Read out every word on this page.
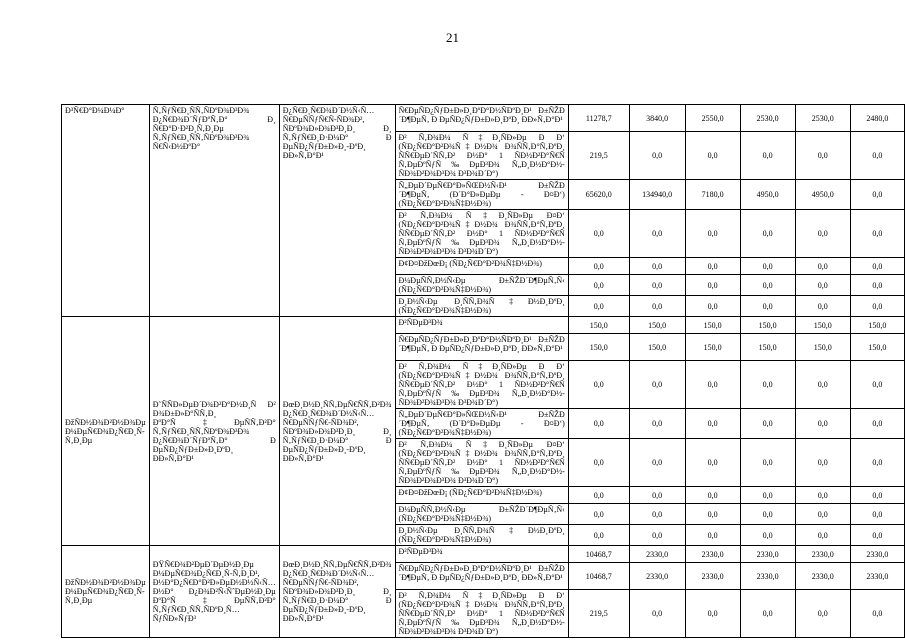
21
Ð³Ñ€Ð°Ð¼Ð¼Ð°	Ñ‚ÑƒÑ€Ð¸ÑÑ‚ÑÐºÐ¾Ð³Ð¾ Ð¿Ñ€Ð¾Ð´ÑƒÐºÑ‚Ð° Ð¸ Ñ€Ð°Ð·Ð²Ð¸Ñ‚Ð¸Ðµ Ñ‚ÑƒÑ€Ð¸ÑÑ‚ÑÐºÐ¾Ð³Ð¾ Ñ€Ñ‹Ð½ÐºÐ°	Ð¿Ñ€Ð¸Ñ€Ð¾Ð´Ð½Ñ‹Ñ… Ñ€ÐµÑÑƒÑ€Ñ-ÑÐ¾Ð², ÑÐºÐ¾Ð»Ð¾Ð³Ð¸Ð¸ Ð¸ Ñ‚ÑƒÑ€Ð¸Ð·Ð¼Ð° Ð ÐµÑÐ¿ÑƒÐ±Ð»Ð¸-ÐºÐ¸ ÐÐ»Ñ‚Ð°Ð¹	Ñ€ÐµÑÐ¿ÑƒÐ±Ð»Ð¸ÐºÐ°Ð½ÑÐºÐ¸Ð¹ Ð±ÑŽÐ´Ð¶ÐµÑ‚ Ð ÐµÑÐ¿ÑƒÐ±Ð»Ð¸ÐºÐ¸ ÐÐ»Ñ‚Ð°Ð¹	11278,7	3840,0	2550,0	2530,0	2530,0	2480,0
			Ð² Ñ‚Ð¾Ð¼ Ñ‡Ð¸ÑÐ»Ðµ Ð Ð‘ (ÑÐ¿Ñ€Ð°Ð²Ð¾Ñ‡Ð½Ð¾ Ð¾ÑÑ‚Ð°Ñ‚ÐºÐ¸ ÑÑ€ÐµÐ´ÑÑ‚Ð² Ð½Ð° 1 ÑÐ½Ð²Ð°Ñ€Ñ Ñ‚ÐµÐºÑƒÑ‰ÐµÐ³Ð¾ Ñ„Ð¸Ð½Ð°Ð½-ÑÐ¾Ð²Ð¾Ð³Ð¾ Ð³Ð¾Ð´Ð°)	219,5	0,0	0,0	0,0	0,0	0,0
			Ñ„ÐµÐ´ÐµÑ€Ð°Ð»ÑŒÐ½Ñ‹Ð¹ Ð±ÑŽÐ´Ð¶ÐµÑ‚ (Ð´Ð°Ð»ÐµÐµ - Ð¤Ð‘) (ÑÐ¿Ñ€Ð°Ð²Ð¾Ñ‡Ð½Ð¾)	65620,0	134940,0	7180,0	4950,0	4950,0	0,0
			Ð² Ñ‚Ð¾Ð¼ Ñ‡Ð¸ÑÐ»Ðµ Ð¤Ð‘ (ÑÐ¿Ñ€Ð°Ð²Ð¾Ñ‡Ð½Ð¾ Ð¾ÑÑ‚Ð°Ñ‚ÐºÐ¸ ÑÑ€ÐµÐ´ÑÑ‚Ð² Ð½Ð° 1 ÑÐ½Ð²Ð°Ñ€Ñ Ñ‚ÐµÐºÑƒÑ‰ÐµÐ³Ð¾ Ñ„Ð¸Ð½Ð°Ð½-ÑÐ¾Ð²Ð¾Ð³Ð¾ Ð³Ð¾Ð´Ð°)	0,0	0,0	0,0	0,0	0,0	0,0
			Ð¢Ð¤ÐžÐœÐ¡ (ÑÐ¿Ñ€Ð°Ð²Ð¾Ñ‡Ð½Ð¾)	0,0	0,0	0,0	0,0	0,0	0,0
			Ð¼ÐµÑÑ‚Ð½Ñ‹Ðµ Ð±ÑŽÐ´Ð¶ÐµÑ‚Ñ‹ (ÑÐ¿Ñ€Ð°Ð²Ð¾Ñ‡Ð½Ð¾)	0,0	0,0	0,0	0,0	0,0	0,0
			Ð¸Ð½Ñ‹Ðµ Ð¸ÑÑ‚Ð¾Ñ‡Ð½Ð¸ÐºÐ¸ (ÑÐ¿Ñ€Ð°Ð²Ð¾Ñ‡Ð½Ð¾)	0,0	0,0	0,0	0,0	0,0	0,0
ÐžÑÐ½Ð¾Ð²Ð½Ð¾Ðµ Ð¼ÐµÑ€Ð¾Ð¿Ñ€Ð¸Ñ-Ñ‚Ð¸Ðµ	Ð˜ÑÑÐ»ÐµÐ´Ð¾Ð²Ð°Ð½Ð¸Ñ Ð² Ð¾Ð±Ð»Ð°ÑÑ‚Ð¸ ÐºÐ°Ñ‡ÐµÑÑ‚Ð²Ð° Ñ‚ÑƒÑ€Ð¸ÑÑ‚ÑÐºÐ¾Ð³Ð¾ Ð¿Ñ€Ð¾Ð´ÑƒÐºÑ‚Ð° Ð ÐµÑÐ¿ÑƒÐ±Ð»Ð¸ÐºÐ¸ ÐÐ»Ñ‚Ð°Ð¹	ÐœÐ¸Ð½Ð¸ÑÑ‚ÐµÑ€ÑÑ‚Ð²Ð¾ Ð¿Ñ€Ð¸Ñ€Ð¾Ð´Ð½Ñ‹Ñ… Ñ€ÐµÑÑƒÑ€-ÑÐ¾Ð², ÑÐºÐ¾Ð»Ð¾Ð³Ð¸Ð¸ Ð¸ Ñ‚ÑƒÑ€Ð¸Ð·Ð¼Ð° Ð ÐµÑÐ¿ÑƒÐ±Ð»Ð¸-ÐºÐ¸ ÐÐ»Ñ‚Ð°Ð¹	Ð²ÑÐµÐ³Ð¾	150,0	150,0	150,0	150,0	150,0	150,0
			Ñ€ÐµÑÐ¿ÑƒÐ±Ð»Ð¸ÐºÐ°Ð½ÑÐºÐ¸Ð¹ Ð±ÑŽÐ´Ð¶ÐµÑ‚ Ð ÐµÑÐ¿ÑƒÐ±Ð»Ð¸ÐºÐ¸ ÐÐ»Ñ‚Ð°Ð¹	150,0	150,0	150,0	150,0	150,0	150,0
			Ð² Ñ‚Ð¾Ð¼ Ñ‡Ð¸ÑÐ»Ðµ Ð Ð‘ (ÑÐ¿Ñ€Ð°Ð²Ð¾Ñ‡Ð½Ð¾ Ð¾ÑÑ‚Ð°Ñ‚ÐºÐ¸ ÑÑ€ÐµÐ´ÑÑ‚Ð² Ð½Ð° 1 ÑÐ½Ð²Ð°Ñ€Ñ Ñ‚ÐµÐºÑƒÑ‰ÐµÐ³Ð¾ Ñ„Ð¸Ð½Ð°Ð½-ÑÐ¾Ð²Ð¾Ð³Ð¾ Ð³Ð¾Ð´Ð°)	0,0	0,0	0,0	0,0	0,0	0,0
			Ñ„ÐµÐ´ÐµÑ€Ð°Ð»ÑŒÐ½Ñ‹Ð¹ Ð±ÑŽÐ´Ð¶ÐµÑ‚ (Ð´Ð°Ð»ÐµÐµ - Ð¤Ð‘) (ÑÐ¿Ñ€Ð°Ð²Ð¾Ñ‡Ð½Ð¾)	0,0	0,0	0,0	0,0	0,0	0,0
			Ð² Ñ‚Ð¾Ð¼ Ñ‡Ð¸ÑÐ»Ðµ Ð¤Ð‘ (ÑÐ¿Ñ€Ð°Ð²Ð¾Ñ‡Ð½Ð¾ Ð¾ÑÑ‚Ð°Ñ‚ÐºÐ¸ ÑÑ€ÐµÐ´ÑÑ‚Ð² Ð½Ð° 1 ÑÐ½Ð²Ð°Ñ€Ñ Ñ‚ÐµÐºÑƒÑ‰ÐµÐ³Ð¾ Ñ„Ð¸Ð½Ð°Ð½-ÑÐ¾Ð²Ð¾Ð³Ð¾ Ð³Ð¾Ð´Ð°)	0,0	0,0	0,0	0,0	0,0	0,0
			Ð¢Ð¤ÐžÐœÐ¡ (ÑÐ¿Ñ€Ð°Ð²Ð¾Ñ‡Ð½Ð¾)	0,0	0,0	0,0	0,0	0,0	0,0
			Ð¼ÐµÑÑ‚Ð½Ñ‹Ðµ Ð±ÑŽÐ´Ð¶ÐµÑ‚Ñ‹ (ÑÐ¿Ñ€Ð°Ð²Ð¾Ñ‡Ð½Ð¾)	0,0	0,0	0,0	0,0	0,0	0,0
			Ð¸Ð½Ñ‹Ðµ Ð¸ÑÑ‚Ð¾Ñ‡Ð½Ð¸ÐºÐ¸ (ÑÐ¿Ñ€Ð°Ð²Ð¾Ñ‡Ð½Ð¾)	0,0	0,0	0,0	0,0	0,0	0,0
ÐžÑÐ½Ð¾Ð²Ð½Ð¾Ðµ Ð¼ÐµÑ€Ð¾Ð¿Ñ€Ð¸Ñ-Ñ‚Ð¸Ðµ	ÐŸÑ€Ð¾Ð²ÐµÐ´ÐµÐ½Ð¸Ðµ Ð¼ÐµÑ€Ð¾Ð¿Ñ€Ð¸Ñ-Ñ‚Ð¸Ð¹, Ð½Ð°Ð¿Ñ€Ð°Ð²Ð»ÐµÐ½Ð½Ñ‹Ñ… Ð½Ð° Ð¿Ð¾Ð²Ñ‹ÑˆÐµÐ½Ð¸Ðµ ÐºÐ°Ñ‡ÐµÑÑ‚Ð²Ð° Ñ‚ÑƒÑ€Ð¸ÑÑ‚ÑÐºÐ¸Ñ… ÑƒÑÐ»ÑƒÐ³	ÐœÐ¸Ð½Ð¸ÑÑ‚ÐµÑ€ÑÑ‚Ð²Ð¾ Ð¿Ñ€Ð¸Ñ€Ð¾Ð´Ð½Ñ‹Ñ… Ñ€ÐµÑÑƒÑ€-ÑÐ¾Ð², ÑÐºÐ¾Ð»Ð¾Ð³Ð¸Ð¸ Ð¸ Ñ‚ÑƒÑ€Ð¸Ð·Ð¼Ð° Ð ÐµÑÐ¿ÑƒÐ±Ð»Ð¸-ÐºÐ¸ ÐÐ»Ñ‚Ð°Ð¹	Ð²ÑÐµÐ³Ð¾	10468,7	2330,0	2330,0	2330,0	2330,0	2330,0
			Ñ€ÐµÑÐ¿ÑƒÐ±Ð»Ð¸ÐºÐ°Ð½ÑÐºÐ¸Ð¹ Ð±ÑŽÐ´Ð¶ÐµÑ‚ Ð ÐµÑÐ¿ÑƒÐ±Ð»Ð¸ÐºÐ¸ ÐÐ»Ñ‚Ð°Ð¹	10468,7	2330,0	2330,0	2330,0	2330,0	2330,0
			Ð² Ñ‚Ð¾Ð¼ Ñ‡Ð¸ÑÐ»Ðµ Ð Ð‘ (ÑÐ¿Ñ€Ð°Ð²Ð¾Ñ‡Ð½Ð¾ Ð¾ÑÑ‚Ð°Ñ‚ÐºÐ¸ ÑÑ€ÐµÐ´ÑÑ‚Ð² Ð½Ð° 1 ÑÐ½Ð²Ð°Ñ€Ñ Ñ‚ÐµÐºÑƒÑ‰ÐµÐ³Ð¾ Ñ„Ð¸Ð½Ð°Ð½-ÑÐ¾Ð²Ð¾Ð³Ð¾ Ð³Ð¾Ð´Ð°)	219,5	0,0	0,0	0,0	0,0	0,0
